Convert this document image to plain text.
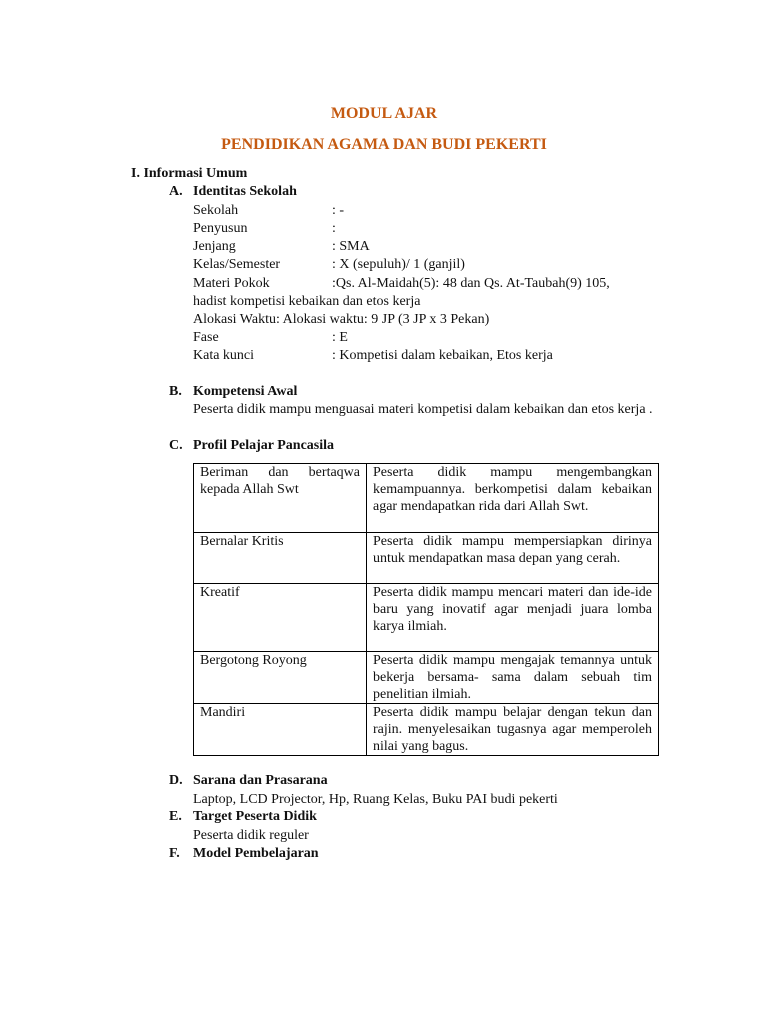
MODUL AJAR
PENDIDIKAN AGAMA DAN BUDI PEKERTI
I. Informasi Umum
A. Identitas Sekolah
Sekolah	: -
Penyusun	:
Jenjang	: SMA
Kelas/Semester	: X (sepuluh)/ 1 (ganjil)
Materi Pokok	:Qs. Al-Maidah(5): 48 dan Qs. At-Taubah(9) 105,
hadist kompetisi kebaikan dan etos kerja
Alokasi Waktu: Alokasi waktu: 9 JP (3 JP x 3 Pekan)
Fase	: E
Kata kunci	: Kompetisi dalam kebaikan, Etos kerja
B. Kompetensi Awal
Peserta didik mampu menguasai materi kompetisi dalam kebaikan dan etos kerja .
C. Profil Pelajar Pancasila
Beriman dan bertaqwa kepada Allah Swt	Peserta didik mampu mengembangkan kemampuannya. berkompetisi dalam kebaikan agar mendapatkan rida dari Allah Swt.
Bernalar Kritis	Peserta didik mampu mempersiapkan dirinya untuk mendapatkan masa depan yang cerah.
Kreatif	Peserta didik mampu mencari materi dan ide-ide baru yang inovatif agar menjadi juara lomba karya ilmiah.
Bergotong Royong	Peserta didik mampu mengajak temannya untuk bekerja bersama- sama dalam sebuah tim penelitian ilmiah.
Mandiri	Peserta didik mampu belajar dengan tekun dan rajin. menyelesaikan tugasnya agar memperoleh nilai yang bagus.
D. Sarana dan Prasarana
Laptop, LCD Projector, Hp, Ruang Kelas, Buku PAI budi pekerti
E. Target Peserta Didik
Peserta didik reguler
F. Model Pembelajaran
